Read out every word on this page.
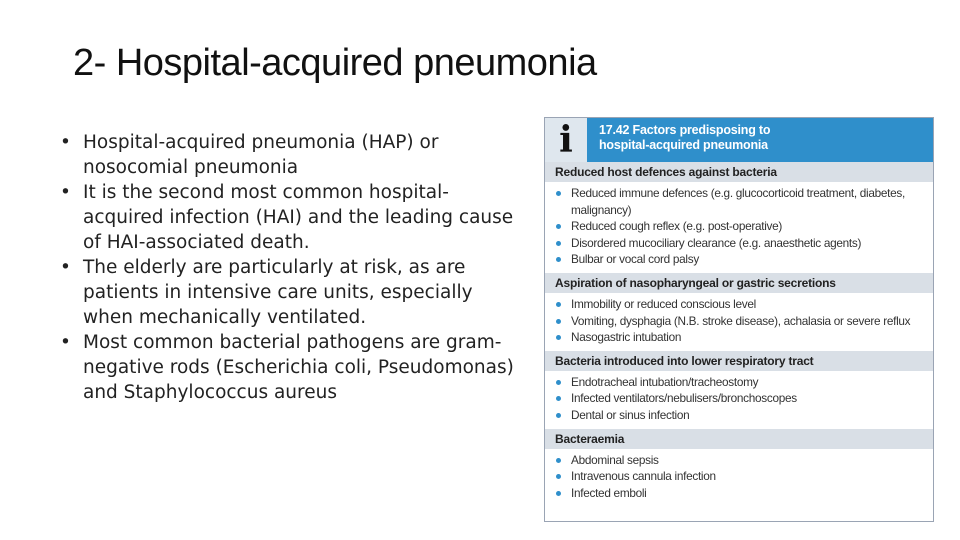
2- Hospital-acquired pneumonia
• Hospital-acquired pneumonia (HAP) or nosocomial pneumonia
• It is the second most common hospital-acquired infection (HAI) and the leading cause of HAI-associated death.
• The elderly are particularly at risk, as are patients in intensive care units, especially when mechanically ventilated.
• Most common bacterial pathogens are gram-negative rods (Escherichia coli, Pseudomonas) and Staphylococcus aureus
i 17.42 Factors predisposing to
hospital-acquired pneumonia
Reduced host defences against bacteria
Reduced immune defences (e.g. glucocorticoid treatment, diabetes, malignancy)
Reduced cough reflex (e.g. post-operative)
Disordered mucociliary clearance (e.g. anaesthetic agents)
Bulbar or vocal cord palsy
Aspiration of nasopharyngeal or gastric secretions
Immobility or reduced conscious level
Vomiting, dysphagia (N.B. stroke disease), achalasia or severe reflux
Nasogastric intubation
Bacteria introduced into lower respiratory tract
Endotracheal intubation/tracheostomy
Infected ventilators/nebulisers/bronchoscopes
Dental or sinus infection
Bacteraemia
Abdominal sepsis
Intravenous cannula infection
Infected emboli
